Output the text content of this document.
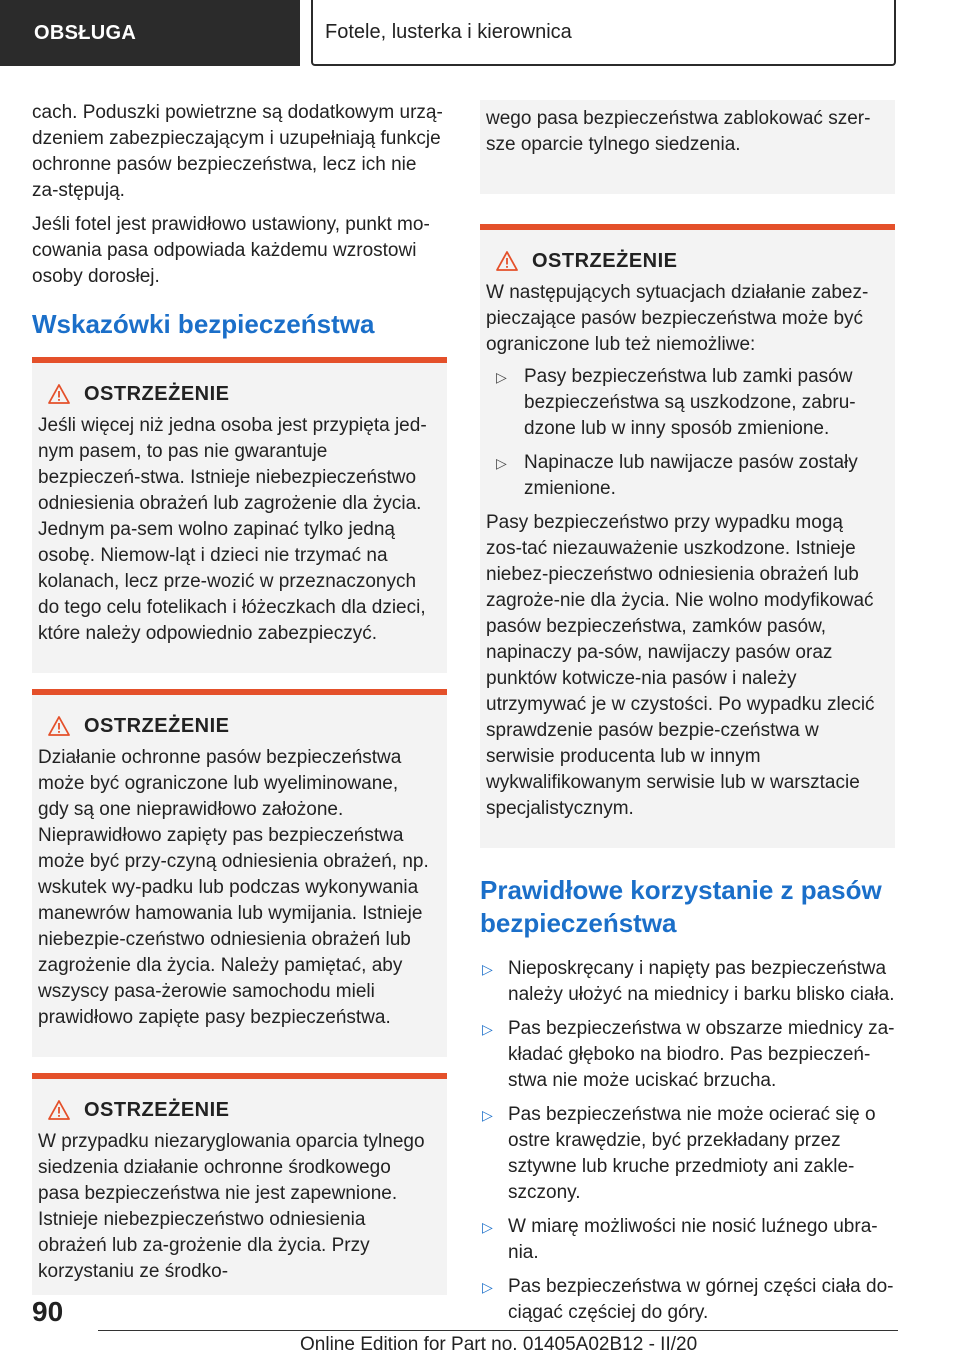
OBSŁUGA	Fotele, lusterka i kierownica

cach. Poduszki powietrzne są dodatkowym urzą-dzeniem zabezpieczającym i uzupełniają funkcje ochronne pasów bezpieczeństwa, lecz ich nie za-stępują.

Jeśli fotel jest prawidłowo ustawiony, punkt mo-cowania pasa odpowiada każdemu wzrostowi osoby dorosłej.

Wskazówki bezpieczeństwa
OSTRZEŻENIE

Jeśli więcej niż jedna osoba jest przypięta jed-nym pasem, to pas nie gwarantuje bezpieczeń-stwa. Istnieje niebezpieczeństwo odniesienia obrażeń lub zagrożenie dla życia. Jednym pa-sem wolno zapinać tylko jedną osobę. Niemow-ląt i dzieci nie trzymać na kolanach, lecz prze-wozić w przeznaczonych do tego celu fotelikach i łóżeczkach dla dzieci, które należy odpowiednio zabezpieczyć.

OSTRZEŻENIE

Działanie ochronne pasów bezpieczeństwa może być ograniczone lub wyeliminowane, gdy są one nieprawidłowo założone. Nieprawidłowo zapięty pas bezpieczeństwa może być przy-czyną odniesienia obrażeń, np. wskutek wy-padku lub podczas wykonywania manewrów hamowania lub wymijania. Istnieje niebezpie-czeństwo odniesienia obrażeń lub zagrożenie dla życia. Należy pamiętać, aby wszyscy pasa-żerowie samochodu mieli prawidłowo zapięte pasy bezpieczeństwa.

OSTRZEŻENIE

W przypadku niezaryglowania oparcia tylnego siedzenia działanie ochronne środkowego pasa bezpieczeństwa nie jest zapewnione. Istnieje niebezpieczeństwo odniesienia obrażeń lub za-grożenie dla życia. Przy korzystaniu ze środko-

wego pasa bezpieczeństwa zablokować szer-sze oparcie tylnego siedzenia.

OSTRZEŻENIE

W następujących sytuacjach działanie zabez-pieczające pasów bezpieczeństwa może być ograniczone lub też niemożliwe:

▷ Pasy bezpieczeństwa lub zamki pasów bezpieczeństwa są uszkodzone, zabru-dzone lub w inny sposób zmienione.
▷ Napinacze lub nawijacze pasów zostały zmienione.

Pasy bezpieczeństwo przy wypadku mogą zos-tać niezauważenie uszkodzone. Istnieje niebez-pieczeństwo odniesienia obrażeń lub zagroże-nie dla życia. Nie wolno modyfikować pasów bezpieczeństwa, zamków pasów, napinaczy pa-sów, nawijaczy pasów oraz punktów kotwicze-nia pasów i należy utrzymywać je w czystości. Po wypadku zlecić sprawdzenie pasów bezpie-czeństwa w serwisie producenta lub w innym wykwalifikowanym serwisie lub w warsztacie specjalistycznym.

Prawidłowe korzystanie z pasów bezpieczeństwa
▷ Nieposkręcany i napięty pas bezpieczeństwa należy ułożyć na miednicy i barku blisko ciała.
▷ Pas bezpieczeństwa w obszarze miednicy za-kładać głęboko na biodro. Pas bezpieczeń-stwa nie może uciskać brzucha.
▷ Pas bezpieczeństwa nie może ocierać się o ostre krawędzie, być przekładany przez sztywne lub kruche przedmioty ani zakle-szczony.
▷ W miarę możliwości nie nosić luźnego ubra-nia.
▷ Pas bezpieczeństwa w górnej części ciała do-ciągać częściej do góry.
90
Online Edition for Part no. 01405A02B12 - II/20
